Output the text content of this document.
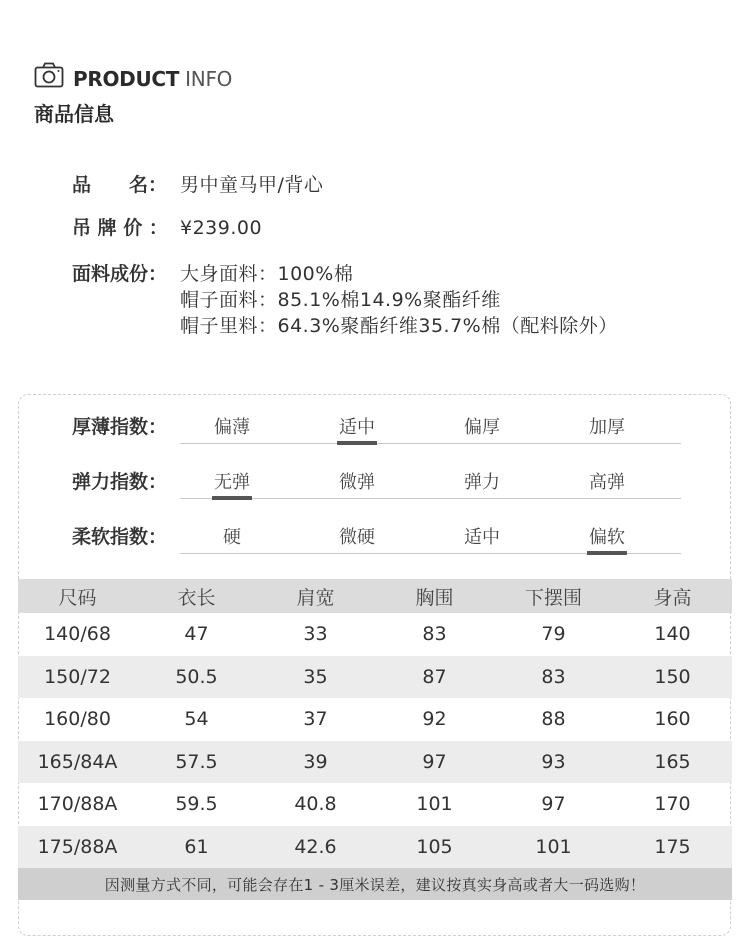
PRODUCT INFO
商品信息
品　　名： 男中童马甲/背心
吊 牌 价 ： ¥239.00
面料成份： 大身面料：100%棉
帽子面料：85.1%棉14.9%聚酯纤维
帽子里料：64.3%聚酯纤维35.7%棉（配料除外）
厚薄指数：	偏薄	适中	偏厚	加厚
弹力指数：	无弹	微弹	弹力	高弹
柔软指数：	硬	微硬	适中	偏软
尺码	衣长	肩宽	胸围	下摆围	身高
140/68	47	33	83	79	140
150/72	50.5	35	87	83	150
160/80	54	37	92	88	160
165/84A	57.5	39	97	93	165
170/88A	59.5	40.8	101	97	170
175/88A	61	42.6	105	101	175
因测量方式不同，可能会存在1 - 3厘米误差，建议按真实身高或者大一码选购！
